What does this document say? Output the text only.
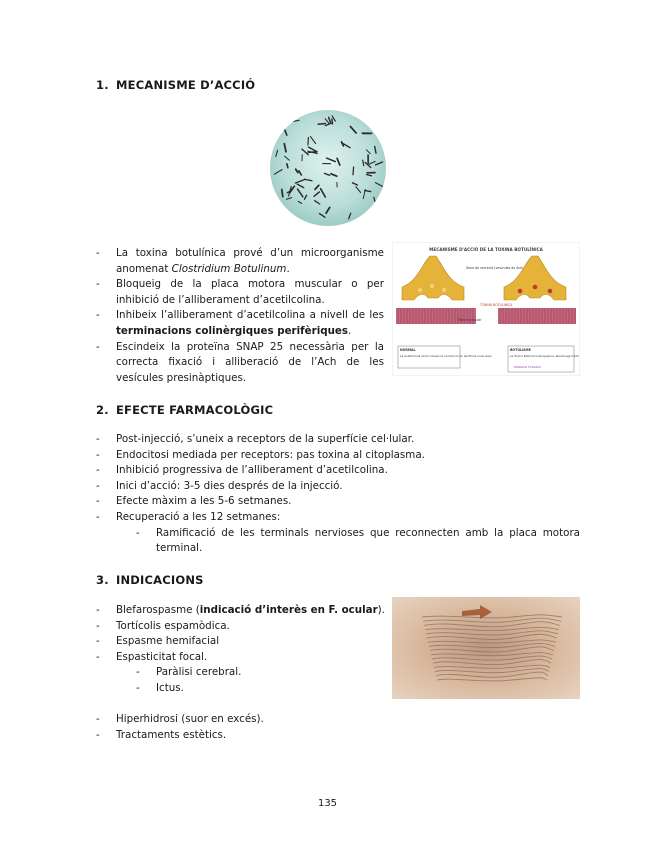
1. MECANISME D’ACCIÓ
- La toxina botulínica prové d’un microorganisme anomenat Clostridium Botulinum.
- Bloqueig de la placa motora muscular o per inhibició de l’alliberament d’acetilcolina.
- Inhibeix l’alliberament d’acetilcolina a nivell de les terminacions colinèrgiques perifèriques.
- Escindeix la proteïna SNAP 25 necessària per la correcta fixació i alliberació de l’Ach de les vesícules presinàptiques.
MECANISME D'ACCIÓ DE LA TOXINA BOTULÍNICA
Zona de secreció (vesicules de Ach)
TOXINA BOTULINICA
Fibra muscular
NORMAL
La Acetilcolina (Ach) indueix la contracció de les fibres musculars
BOTULISME
La Toxina Botulínica bloqueja la descarrega d'Ach
PARÀLISI FLÀCIDA
2. EFECTE FARMACOLÒGIC
- Post-injecció, s’uneix a receptors de la superfície cel·lular.
- Endocitosi mediada per receptors: pas toxina al citoplasma.
- Inhibició progressiva de l’alliberament d’acetilcolina.
- Inici d’acció: 3-5 dies després de la injecció.
- Efecte màxim a les 5-6 setmanes.
- Recuperació a les 12 setmanes:
- Ramificació de les terminals nervioses que reconnecten amb la placa motora terminal.
3. INDICACIONS
- Blefarospasme (indicació d’interès en F. ocular).
- Tortícolis espamòdica.
- Espasme hemifacial
- Espasticitat focal.
- Paràlisi cerebral.
- Ictus.
- Hiperhidrosi (suor en excés).
- Tractaments estètics.
135
